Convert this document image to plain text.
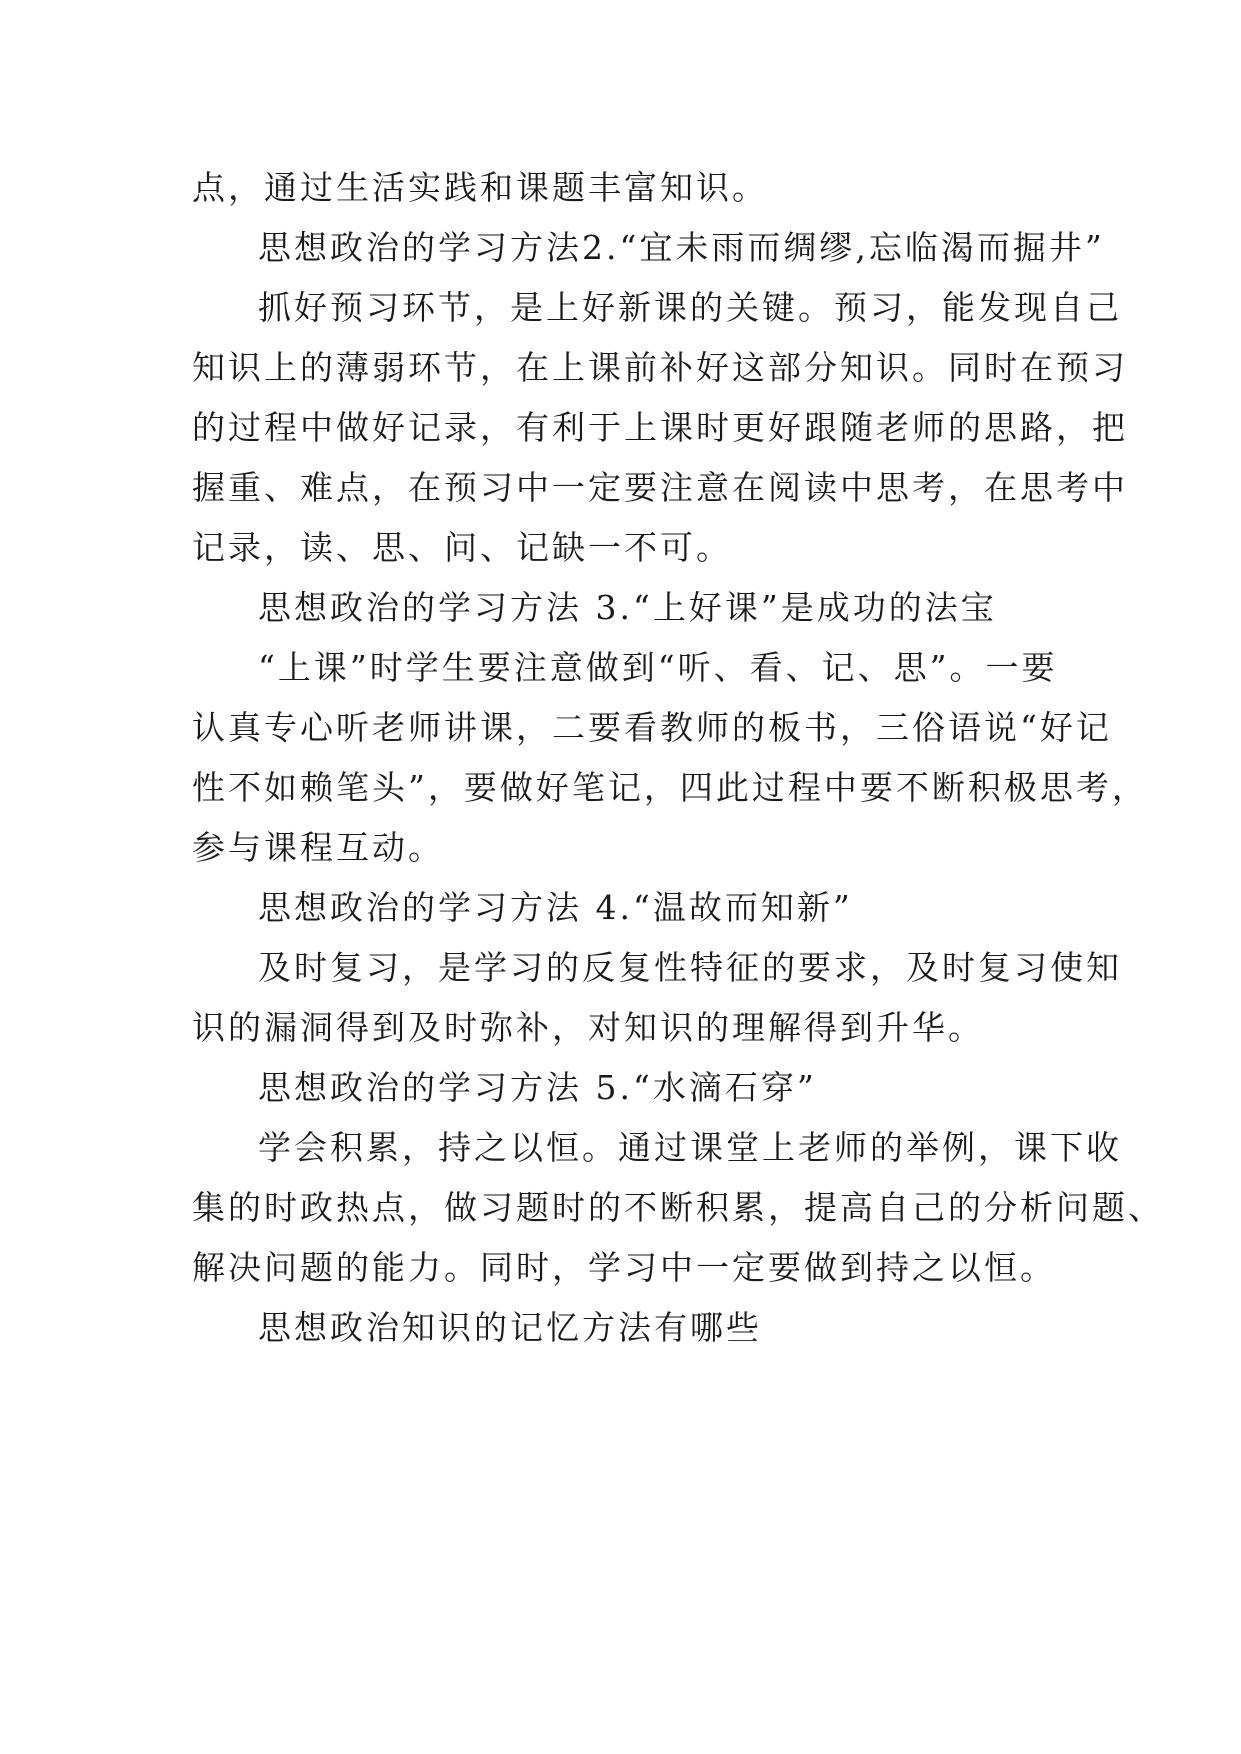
点，通过生活实践和课题丰富知识。
思想政治的学习方法2.“宜未雨而绸缪,忘临渴而掘井”
抓好预习环节，是上好新课的关键。预习，能发现自己
知识上的薄弱环节，在上课前补好这部分知识。同时在预习
的过程中做好记录，有利于上课时更好跟随老师的思路，把
握重、难点，在预习中一定要注意在阅读中思考，在思考中
记录，读、思、问、记缺一不可。
思想政治的学习方法 3.“上好课”是成功的法宝
“上课”时学生要注意做到“听、看、记、思”。一要
认真专心听老师讲课，二要看教师的板书，三俗语说“好记
性不如赖笔头”，要做好笔记，四此过程中要不断积极思考，
参与课程互动。
思想政治的学习方法 4.“温故而知新”
及时复习，是学习的反复性特征的要求，及时复习使知
识的漏洞得到及时弥补，对知识的理解得到升华。
思想政治的学习方法 5.“水滴石穿”
学会积累，持之以恒。通过课堂上老师的举例，课下收
集的时政热点，做习题时的不断积累，提高自己的分析问题、
解决问题的能力。同时，学习中一定要做到持之以恒。
思想政治知识的记忆方法有哪些
